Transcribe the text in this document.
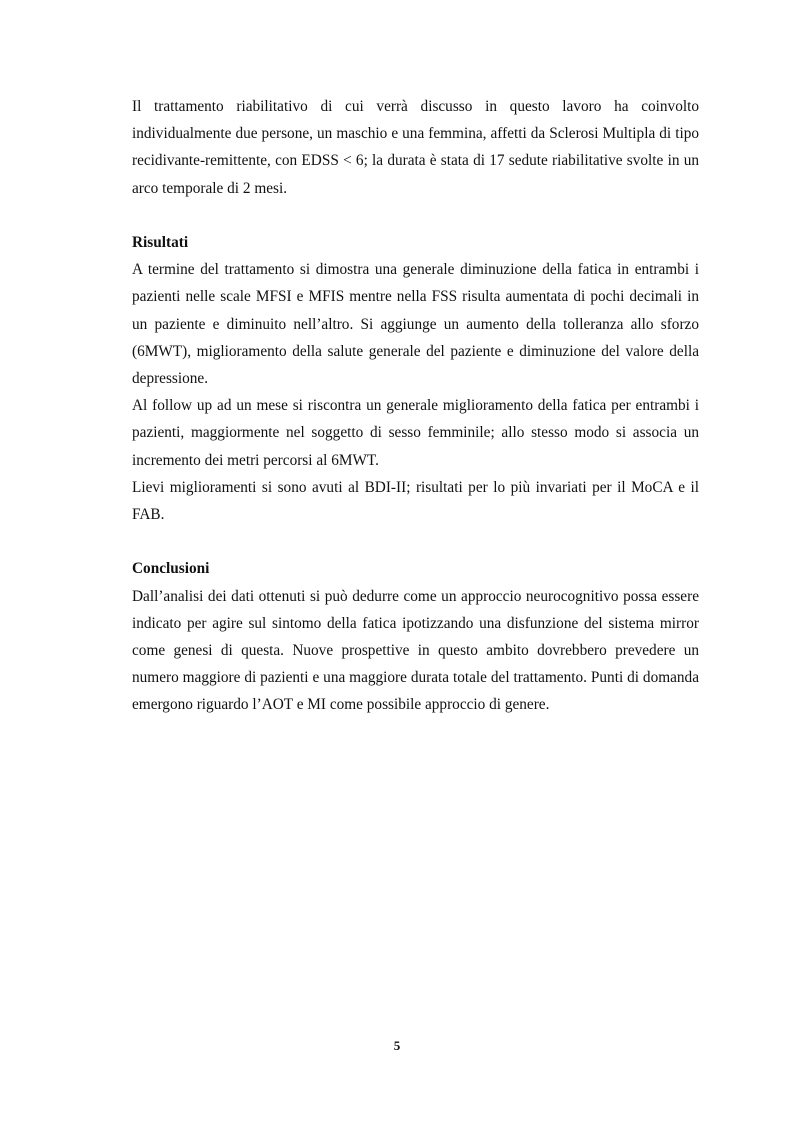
Il trattamento riabilitativo di cui verrà discusso in questo lavoro ha coinvolto individualmente due persone, un maschio e una femmina, affetti da Sclerosi Multipla di tipo recidivante-remittente, con EDSS < 6; la durata è stata di 17 sedute riabilitative svolte in un arco temporale di 2 mesi.

Risultati

A termine del trattamento si dimostra una generale diminuzione della fatica in entrambi i pazienti nelle scale MFSI e MFIS mentre nella FSS risulta aumentata di pochi decimali in un paziente e diminuito nell’altro. Si aggiunge un aumento della tolleranza allo sforzo (6MWT), miglioramento della salute generale del paziente e diminuzione del valore della depressione.

Al follow up ad un mese si riscontra un generale miglioramento della fatica per entrambi i pazienti, maggiormente nel soggetto di sesso femminile; allo stesso modo si associa un incremento dei metri percorsi al 6MWT.

Lievi miglioramenti si sono avuti al BDI-II; risultati per lo più invariati per il MoCA e il FAB.

Conclusioni

Dall’analisi dei dati ottenuti si può dedurre come un approccio neurocognitivo possa essere indicato per agire sul sintomo della fatica ipotizzando una disfunzione del sistema mirror come genesi di questa. Nuove prospettive in questo ambito dovrebbero prevedere un numero maggiore di pazienti e una maggiore durata totale del trattamento. Punti di domanda emergono riguardo l’AOT e MI come possibile approccio di genere.

5
